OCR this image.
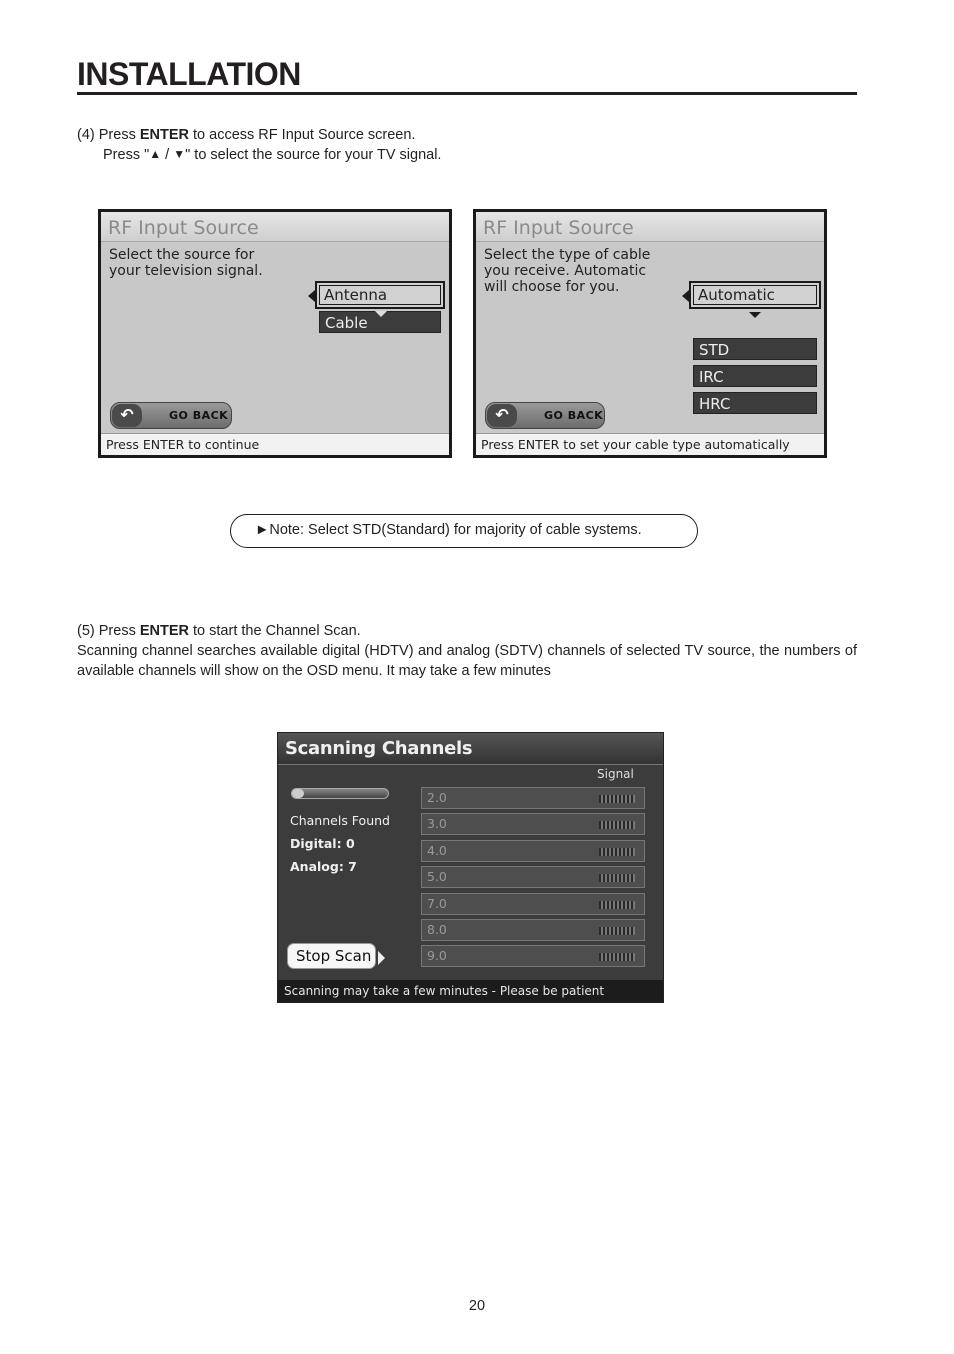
INSTALLATION
(4) Press ENTER to access RF Input Source screen.
Press "▲ / ▼" to select the source for your TV signal.
RF Input Source
Select the source for
your television signal.
Antenna
Cable
↶	GO BACK
Press ENTER to continue
RF Input Source
Select the type of cable
you receive. Automatic
will choose for you.	Automatic
STD
IRC
HRC
↶	GO BACK
Press ENTER to set your cable type automatically
►Note: Select STD(Standard) for majority of cable systems.
(5) Press ENTER to start the Channel Scan.
Scanning channel searches available digital (HDTV) and analog (SDTV) channels of selected TV source, the numbers of available channels will show on the OSD menu. It may take a few minutes
Scanning Channels
Signal
Channels Found
Digital: 0
Analog: 7
2.0
3.0
4.0
5.0
7.0
8.0
9.0
Stop Scan
Scanning may take a few minutes - Please be patient
20
